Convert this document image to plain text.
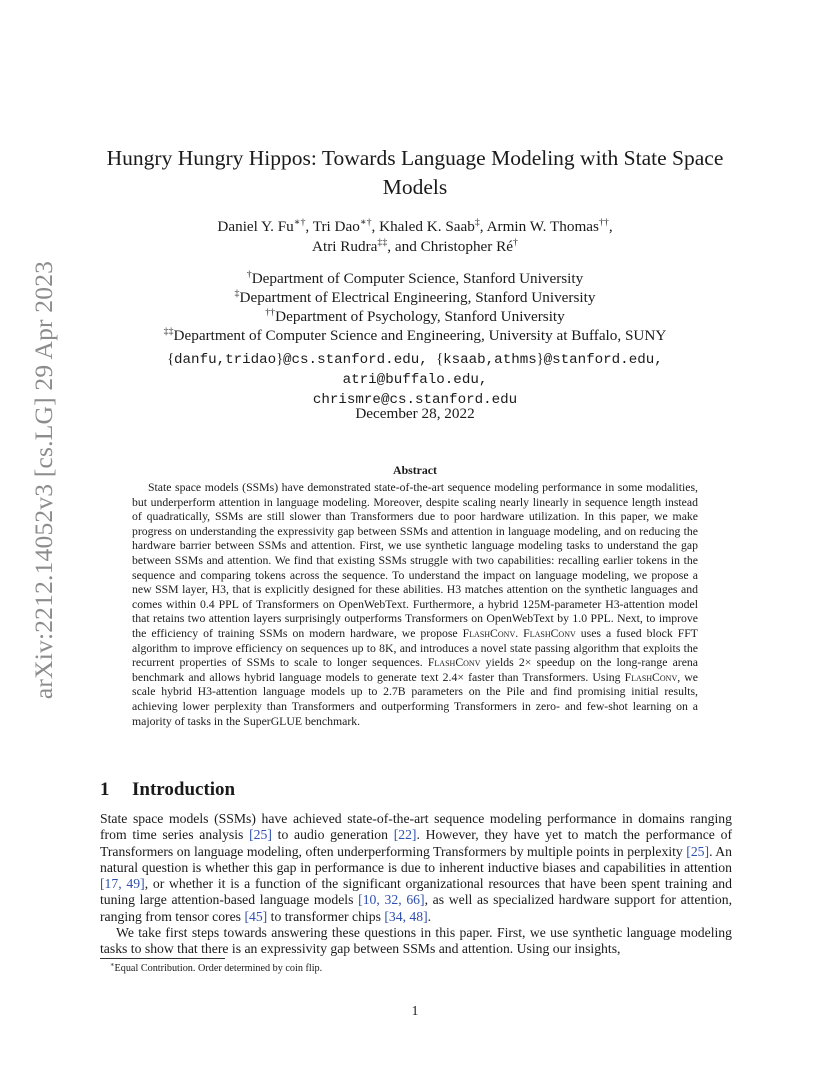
arXiv:2212.14052v3 [cs.LG] 29 Apr 2023
Hungry Hungry Hippos: Towards Language Modeling with State Space Models
Daniel Y. Fu∗†, Tri Dao∗†, Khaled K. Saab‡, Armin W. Thomas††,
Atri Rudra‡‡, and Christopher Ré†
†Department of Computer Science, Stanford University
‡Department of Electrical Engineering, Stanford University
††Department of Psychology, Stanford University
‡‡Department of Computer Science and Engineering, University at Buffalo, SUNY
{danfu,tridao}@cs.stanford.edu, {ksaab,athms}@stanford.edu, atri@buffalo.edu,
chrismre@cs.stanford.edu
December 28, 2022
Abstract
State space models (SSMs) have demonstrated state-of-the-art sequence modeling performance in some modalities, but underperform attention in language modeling. Moreover, despite scaling nearly linearly in sequence length instead of quadratically, SSMs are still slower than Transformers due to poor hardware utilization. In this paper, we make progress on understanding the expressivity gap between SSMs and attention in language modeling, and on reducing the hardware barrier between SSMs and attention. First, we use synthetic language modeling tasks to understand the gap between SSMs and attention. We find that existing SSMs struggle with two capabilities: recalling earlier tokens in the sequence and comparing tokens across the sequence. To understand the impact on language modeling, we propose a new SSM layer, H3, that is explicitly designed for these abilities. H3 matches attention on the synthetic languages and comes within 0.4 PPL of Transformers on OpenWebText. Furthermore, a hybrid 125M-parameter H3-attention model that retains two attention layers surprisingly outperforms Transformers on OpenWebText by 1.0 PPL. Next, to improve the efficiency of training SSMs on modern hardware, we propose FlashConv. FlashConv uses a fused block FFT algorithm to improve efficiency on sequences up to 8K, and introduces a novel state passing algorithm that exploits the recurrent properties of SSMs to scale to longer sequences. FlashConv yields 2× speedup on the long-range arena benchmark and allows hybrid language models to generate text 2.4× faster than Transformers. Using FlashConv, we scale hybrid H3-attention language models up to 2.7B parameters on the Pile and find promising initial results, achieving lower perplexity than Transformers and outperforming Transformers in zero- and few-shot learning on a majority of tasks in the SuperGLUE benchmark.
1 Introduction

State space models (SSMs) have achieved state-of-the-art sequence modeling performance in domains ranging from time series analysis [25] to audio generation [22]. However, they have yet to match the performance of Transformers on language modeling, often underperforming Transformers by multiple points in perplexity [25]. An natural question is whether this gap in performance is due to inherent inductive biases and capabilities in attention [17, 49], or whether it is a function of the significant organizational resources that have been spent training and tuning large attention-based language models [10, 32, 66], as well as specialized hardware support for attention, ranging from tensor cores [45] to transformer chips [34, 48].

We take first steps towards answering these questions in this paper. First, we use synthetic language modeling tasks to show that there is an expressivity gap between SSMs and attention. Using our insights,

∗Equal Contribution. Order determined by coin flip.
1
